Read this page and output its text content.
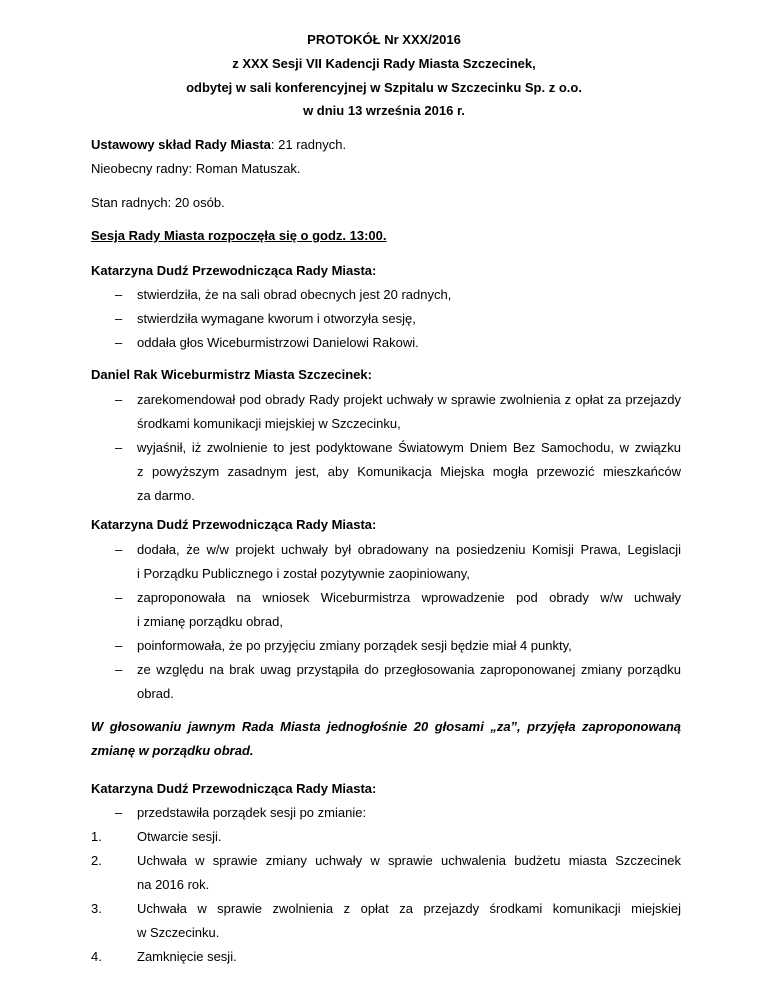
PROTOKÓŁ Nr XXX/2016
z XXX Sesji VII Kadencji Rady Miasta Szczecinek,
odbytej w sali konferencyjnej w Szpitalu w Szczecinku Sp. z o.o.
w dniu 13 września 2016 r.
Ustawowy skład Rady Miasta: 21 radnych.
Nieobecny radny: Roman Matuszak.
Stan radnych: 20 osób.
Sesja Rady Miasta rozpoczęła się o godz. 13:00.
Katarzyna Dudź Przewodnicząca Rady Miasta:
– stwierdziła, że na sali obrad obecnych jest 20 radnych,
– stwierdziła wymagane kworum i otworzyła sesję,
– oddała głos Wiceburmistrzowi Danielowi Rakowi.
Daniel Rak Wiceburmistrz Miasta Szczecinek:
– zarekomendował pod obrady Rady projekt uchwały w sprawie zwolnienia z opłat za przejazdy
środkami komunikacji miejskiej w Szczecinku,
– wyjaśnił, iż zwolnienie to jest podyktowane Światowym Dniem Bez Samochodu, w związku
z powyższym zasadnym jest, aby Komunikacja Miejska mogła przewozić mieszkańców
za darmo.
Katarzyna Dudź Przewodnicząca Rady Miasta:
– dodała, że w/w projekt uchwały był obradowany na posiedzeniu Komisji Prawa, Legislacji
i Porządku Publicznego i został pozytywnie zaopiniowany,
– zaproponowała na wniosek Wiceburmistrza wprowadzenie pod obrady w/w uchwały
i zmianę porządku obrad,
– poinformowała, że po przyjęciu zmiany porządek sesji będzie miał 4 punkty,
– ze względu na brak uwag przystąpiła do przegłosowania zaproponowanej zmiany porządku
obrad.
W głosowaniu jawnym Rada Miasta jednogłośnie 20 głosami „za”, przyjęła zaproponowaną
zmianę w porządku obrad.
Katarzyna Dudź Przewodnicząca Rady Miasta:
– przedstawiła porządek sesji po zmianie:
1.	Otwarcie sesji.
2.	Uchwała w sprawie zmiany uchwały w sprawie uchwalenia budżetu miasta Szczecinek
na 2016 rok.
3.	Uchwała w sprawie zwolnienia z opłat za przejazdy środkami komunikacji miejskiej
w Szczecinku.
4.	Zamknięcie sesji.
